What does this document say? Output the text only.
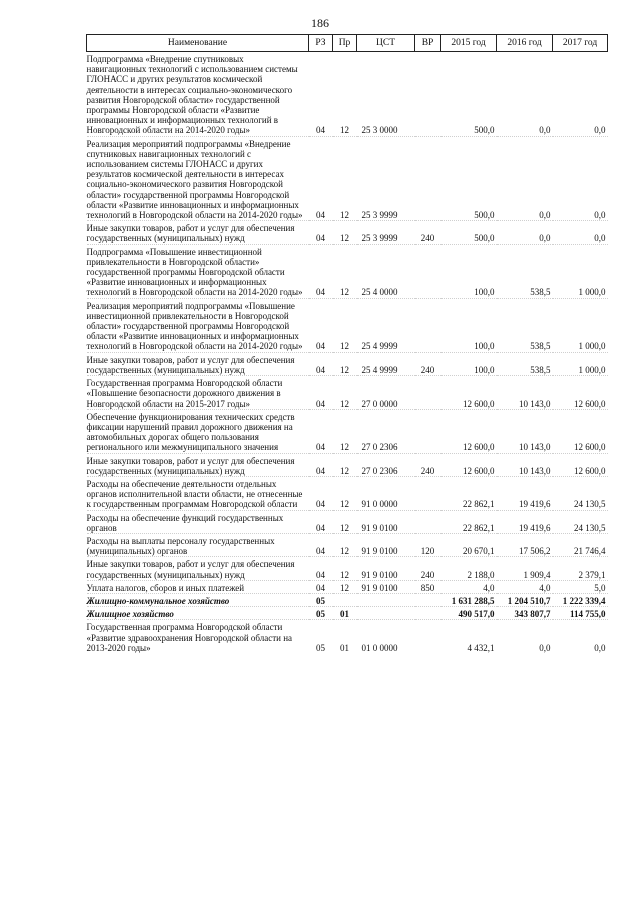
186
Наименование	РЗ	Пр	ЦСТ	ВР	2015 год	2016 год	2017 год
Подпрограмма «Внедрение спутниковых навигационных технологий с использованием системы ГЛОНАСС и других результатов космической деятельности в интересах социально-экономического развития Новгородской области» государственной программы Новгородской области «Развитие инновационных и информационных технологий в Новгородской области на 2014-2020 годы»	04	12	25 3 0000		500,0	0,0	0,0
Реализация мероприятий подпрограммы «Внедрение спутниковых навигационных технологий с использованием системы ГЛОНАСС и других результатов космической деятельности в интересах социально-экономического развития Новгородской области» государственной программы Новгородской области «Развитие инновационных и информационных технологий в Новгородской области на 2014-2020 годы»	04	12	25 3 9999		500,0	0,0	0,0
Иные закупки товаров, работ и услуг для обеспечения государственных (муниципальных) нужд	04	12	25 3 9999	240	500,0	0,0	0,0
Подпрограмма «Повышение инвестиционной привлекательности в Новгородской области» государственной программы Новгородской области «Развитие инновационных и информационных технологий в Новгородской области на 2014-2020 годы»	04	12	25 4 0000		100,0	538,5	1 000,0
Реализация мероприятий подпрограммы «Повышение инвестиционной привлекательности в Новгородской области» государственной программы Новгородской области «Развитие инновационных и информационных технологий в Новгородской области на 2014-2020 годы»	04	12	25 4 9999		100,0	538,5	1 000,0
Иные закупки товаров, работ и услуг для обеспечения государственных (муниципальных) нужд	04	12	25 4 9999	240	100,0	538,5	1 000,0
Государственная программа Новгородской области «Повышение безопасности дорожного движения в Новгородской области на 2015-2017 годы»	04	12	27 0 0000		12 600,0	10 143,0	12 600,0
Обеспечение функционирования технических средств фиксации нарушений правил дорожного движения на автомобильных дорогах общего пользования регионального или межмуниципального значения	04	12	27 0 2306		12 600,0	10 143,0	12 600,0
Иные закупки товаров, работ и услуг для обеспечения государственных (муниципальных) нужд	04	12	27 0 2306	240	12 600,0	10 143,0	12 600,0
Расходы на обеспечение деятельности отдельных органов исполнительной власти области, не отнесенные к государственным программам Новгородской области	04	12	91 0 0000		22 862,1	19 419,6	24 130,5
Расходы на обеспечение функций государственных органов	04	12	91 9 0100		22 862,1	19 419,6	24 130,5
Расходы на выплаты персоналу государственных (муниципальных) органов	04	12	91 9 0100	120	20 670,1	17 506,2	21 746,4
Иные закупки товаров, работ и услуг для обеспечения государственных (муниципальных) нужд	04	12	91 9 0100	240	2 188,0	1 909,4	2 379,1
Уплата налогов, сборов и иных платежей	04	12	91 9 0100	850	4,0	4,0	5,0
Жилищно-коммунальное хозяйство	05				1 631 288,5	1 204 510,7	1 222 339,4
Жилищное хозяйство	05	01			490 517,0	343 807,7	114 755,0
Государственная программа Новгородской области «Развитие здравоохранения Новгородской области на 2013-2020 годы»	05	01	01 0 0000		4 432,1	0,0	0,0
